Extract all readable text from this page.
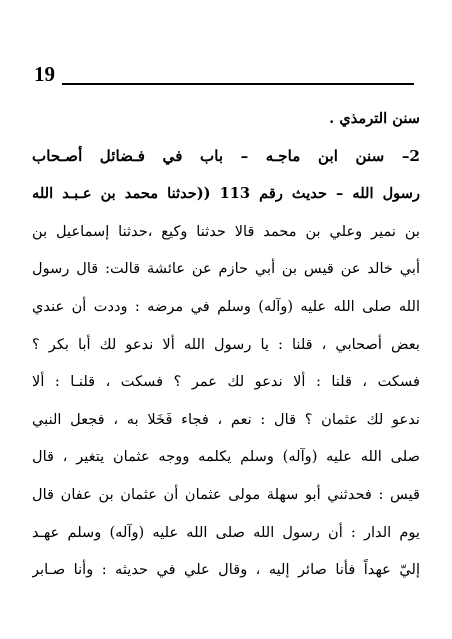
19
سنن الترمذي .
2– سنن ابن ماجـه – باب في فـضائل أصـحاب
رسول الله – حديث رقم 113 ((حدثنا محمد بن عـبـد الله
بن نمير وعلي بن محمد قالا حدثنا وكيع ،حدثنا إسماعيل بن
أبي خالد عن قيس بن أبي حازم عن عائشة قالت: قال رسول
الله صلى الله عليه (وآله) وسلم في مرضه : وددت أن عندي
بعض أصحابي ، قلنا : يا رسول الله ألا ندعو لك أبا بكر ؟
فسكت ، قلنا : ألا ندعو لك عمر ؟ فسكت ، قلنـا : ألا
ندعو لك عثمان ؟ قال : نعم ، فجاء فَخَلا به ، فجعل النبي
صلى الله عليه (وآله) وسلم يكلمه ووجه عثمان يتغير ، قال
قيس : فحدثني أبو سهلة مولى عثمان أن عثمان بن عفان قال
يوم الدار : أن رسول الله صلى الله عليه (وآله) وسلم عهـد
إليّ عهداً فأنا صائر إليه ، وقال علي في حديثه : وأنا صـابر
